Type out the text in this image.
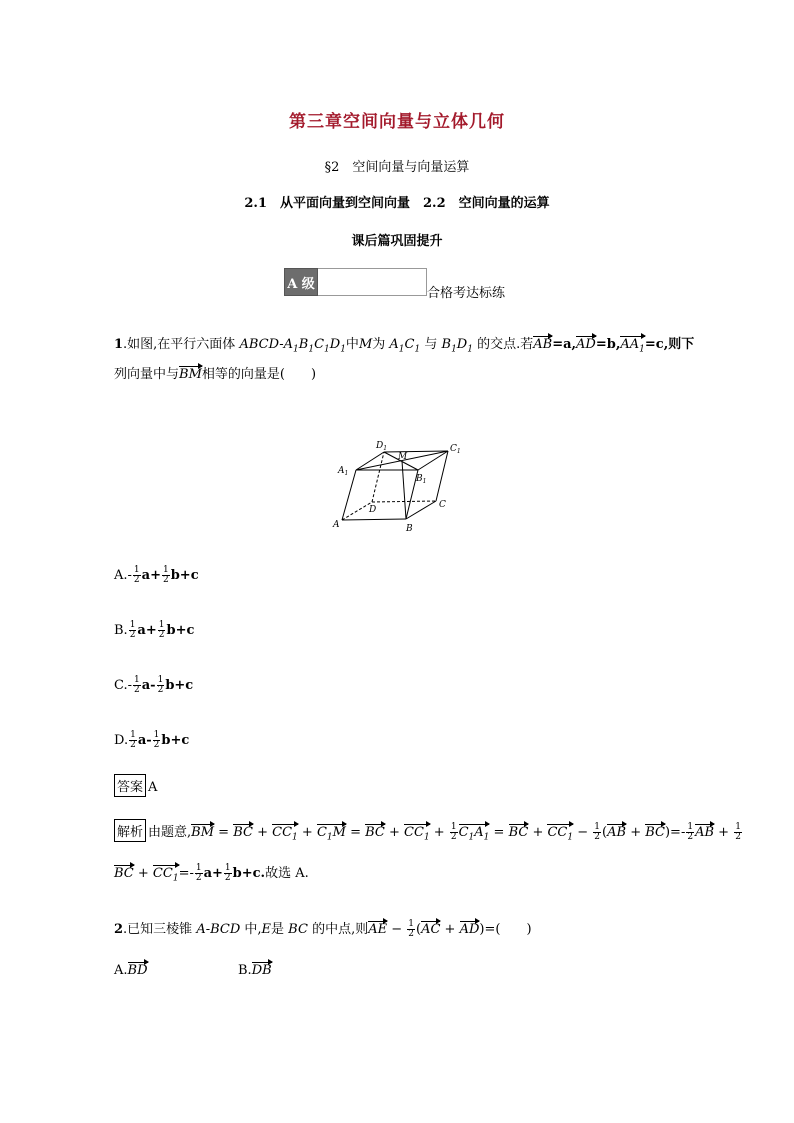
第三章空间向量与立体几何
§2　空间向量与向量运算
2.1　从平面向量到空间向量　2.2　空间向量的运算
课后篇巩固提升
A 级
合格考达标练
1.如图,在平行六面体 ABCD-$A_1B_1C_1D_1$中M为 $A_1C_1$ 与 $B_1D_1$ 的交点.若$AB=a,AD=b,AA_1=c$,则下
列向量中与BM相等的向量是(　　)
A	B
C
D
$A_1$
$B_1$
$C_1$
$D_1$
M
$A.- \frac{1}{2} a+ \frac{1}{2} b+c$
B. $\frac{1}{2} a+ \frac{1}{2} b+c$
$C.- \frac{1}{2} a- \frac{1}{2} b+c$
D. $\frac{1}{2} a- \frac{1}{2} b+c$
答案 A
解析 由题意,BM = BC + $CC_1 + C_1M$ = BC + $CC_1 + \frac{1}{2} C_1A_1$ = BC + $CC_1 - \frac{1}{2} (AB + BC)=- \frac{1}{2}$ AB + $\frac{1}{2}$
BC + $CC_1=- \frac{1}{2} a+ \frac{1}{2} b+c$.故选 A.
2.已知三棱锥 A-BCD 中,E是 BC 的中点,则AE − $\frac{1}{2} (AC + AD)=$(　　)
A.BD	B.DB
